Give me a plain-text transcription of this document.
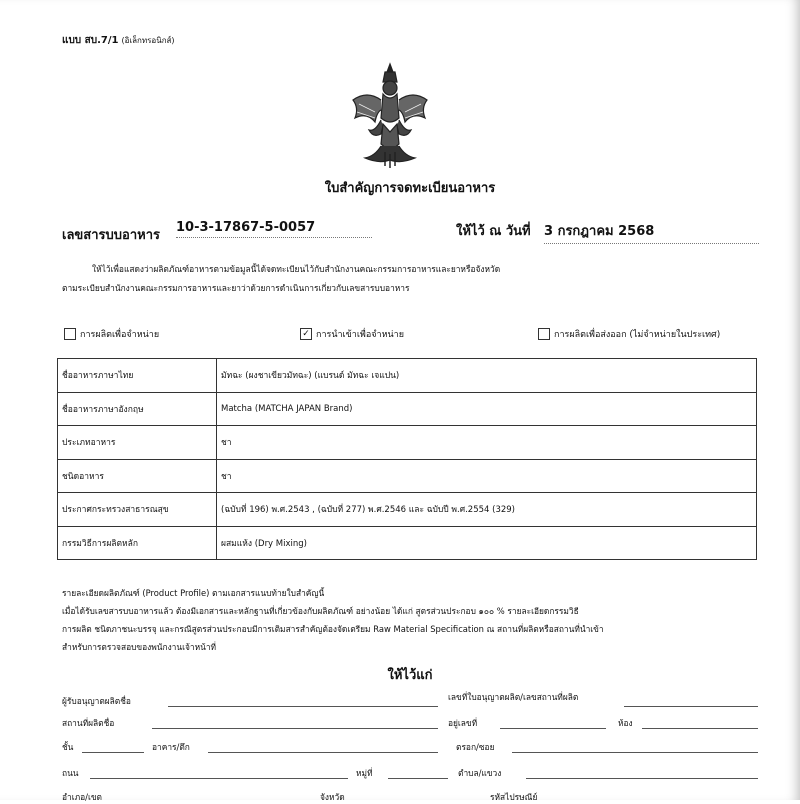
แบบ สบ.7/1 (อิเล็กทรอนิกส์)
ใบสำคัญการจดทะเบียนอาหาร
เลขสารบบอาหาร
10-3-17867-5-0057	ให้ไว้ ณ วันที่ 3 กรกฎาคม 2568
ให้ไว้เพื่อแสดงว่าผลิตภัณฑ์อาหารตามข้อมูลนี้ได้จดทะเบียนไว้กับสำนักงานคณะกรรมการอาหารและยาหรือจังหวัด
ตามระเบียบสำนักงานคณะกรรมการอาหารและยาว่าด้วยการดำเนินการเกี่ยวกับเลขสารบบอาหาร
การผลิตเพื่อจำหน่าย	✓ การนำเข้าเพื่อจำหน่าย	การผลิตเพื่อส่งออก (ไม่จำหน่ายในประเทศ)
ชื่ออาหารภาษาไทย	มัทฉะ (ผงชาเขียวมัทฉะ) (แบรนด์ มัทฉะ เจแปน)
ชื่ออาหารภาษาอังกฤษ	Matcha (MATCHA JAPAN Brand)
ประเภทอาหาร	ชา
ชนิดอาหาร	ชา
ประกาศกระทรวงสาธารณสุข	(ฉบับที่ 196) พ.ศ.2543 , (ฉบับที่ 277) พ.ศ.2546 และ ฉบับปี พ.ศ.2554 (329)
กรรมวิธีการผลิตหลัก	ผสมแห้ง (Dry Mixing)
รายละเอียดผลิตภัณฑ์ (Product Profile) ตามเอกสารแนบท้ายใบสำคัญนี้
เมื่อได้รับเลขสารบบอาหารแล้ว ต้องมีเอกสารและหลักฐานที่เกี่ยวข้องกับผลิตภัณฑ์ อย่างน้อย ได้แก่ สูตรส่วนประกอบ ๑๐๐ % รายละเอียดกรรมวิธี
การผลิต ชนิดภาชนะบรรจุ และกรณีสูตรส่วนประกอบมีการเติมสารสำคัญต้องจัดเตรียม Raw Material Specification ณ สถานที่ผลิตหรือสถานที่นำเข้า
สำหรับการตรวจสอบของพนักงานเจ้าหน้าที่
ให้ไว้แก่
ผู้รับอนุญาตผลิตชื่อ	เลขที่ใบอนุญาตผลิต/เลขสถานที่ผลิต
สถานที่ผลิตชื่อ	อยู่เลขที่	ห้อง
ชั้น	อาคาร/ตึก	ตรอก/ซอย
ถนน	หมู่ที่	ตำบล/แขวง
อำเภอ/เขต	จังหวัด	รหัสไปรษณีย์
